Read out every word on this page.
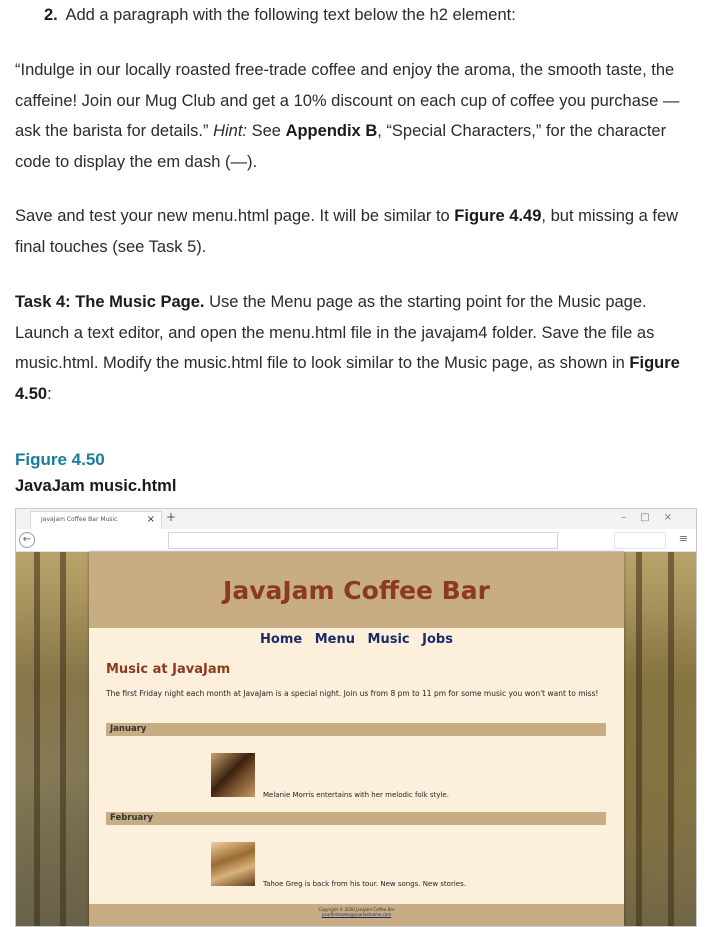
2. Add a paragraph with the following text below the h2 element:

“Indulge in our locally roasted free-trade coffee and enjoy the aroma, the smooth taste, the caffeine! Join our Mug Club and get a 10% discount on each cup of coffee you purchase — ask the barista for details.” Hint: See Appendix B, “Special Characters,” for the character code to display the em dash (—).

Save and test your new menu.html page. It will be similar to Figure 4.49, but missing a few final touches (see Task 5).

Task 4: The Music Page. Use the Menu page as the starting point for the Music page. Launch a text editor, and open the menu.html file in the javajam4 folder. Save the file as music.html. Modify the music.html file to look similar to the Music page, as shown in Figure 4.50:

Figure 4.50

JavaJam music.html

JavaJam Coffee Bar Music	× +	–□×
←	≡
JavaJam Coffee Bar
Home Menu Music Jobs
Music at JavaJam
The first Friday night each month at JavaJam is a special night. Join us from 8 pm to 11 pm for some music you won't want to miss!
January
Melanie Morris entertains with her melodic folk style.
February
Tahoe Greg is back from his tour. New songs. New stories.
Copyright © 2020 JavaJam Coffee Bar
yourfirstname@yourlastname.com
